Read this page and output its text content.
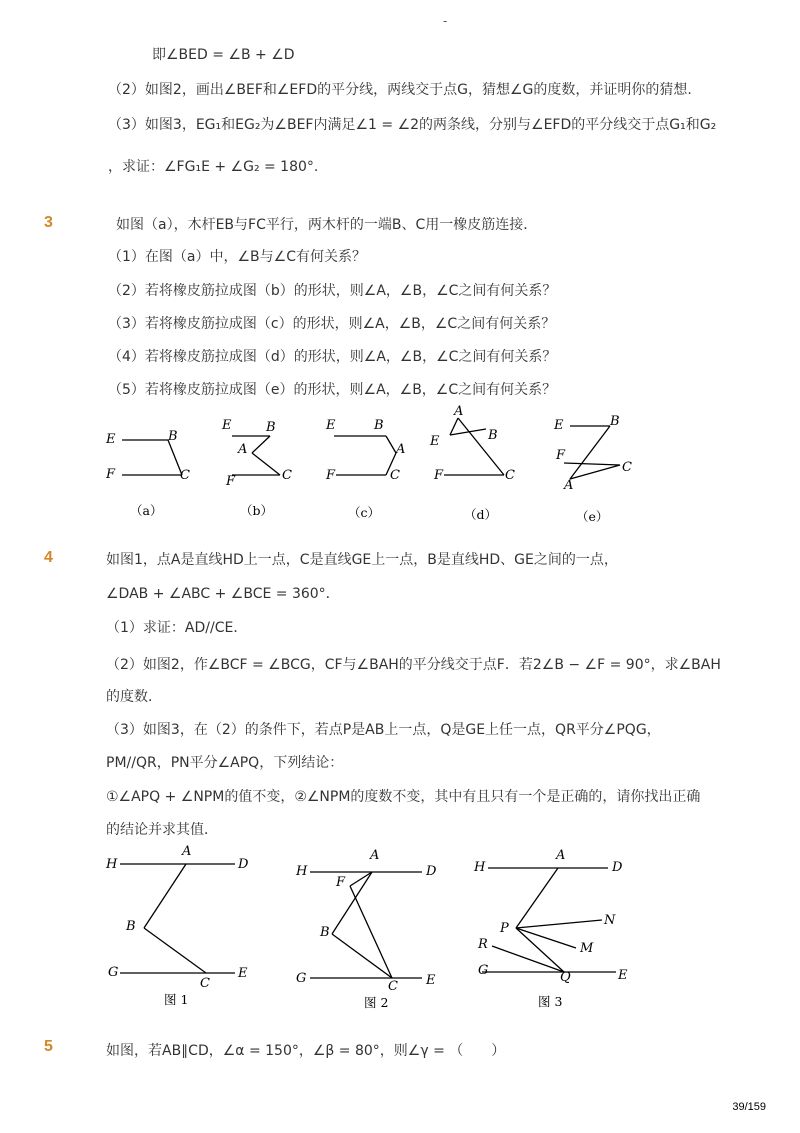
-
即∠BED = ∠B + ∠D
（2）如图2，画出∠BEF和∠EFD的平分线，两线交于点G，猜想∠G的度数，并证明你的猜想.
（3）如图3，EG₁和EG₂为∠BEF内满足∠1 = ∠2的两条线，分别与∠EFD的平分线交于点G₁和G₂
，求证：∠FG₁E + ∠G₂ = 180°.
3	如图（a），木杆EB与FC平行，两木杆的一端B、C用一橡皮筋连接．
（1）在图（a）中，∠B与∠C有何关系？
（2）若将橡皮筋拉成图（b）的形状，则∠A，∠B，∠C之间有何关系？
（3）若将橡皮筋拉成图（c）的形状，则∠A，∠B，∠C之间有何关系？
（4）若将橡皮筋拉成图（d）的形状，则∠A，∠B，∠C之间有何关系？
（5）若将橡皮筋拉成图（e）的形状，则∠A，∠B，∠C之间有何关系？
E	B
F	C
（a）
E	B
A
C
F
（b）
E	B
A
F	C
（c）
A
E	B
F	C
（d）
E	B
F
C
A
（e）
4	如图1，点A是直线HD上一点，C是直线GE上一点，B是直线HD、GE之间的一点，
∠DAB + ∠ABC + ∠BCE = 360°．
（1）求证：AD//CE．
（2）如图2，作∠BCF = ∠BCG，CF与∠BAH的平分线交于点F．若2∠B − ∠F = 90°，求∠BAH
的度数．
（3）如图3，在（2）的条件下，若点P是AB上一点，Q是GE上任一点，QR平分∠PQG，
PM//QR，PN平分∠APQ，下列结论：
①∠APQ + ∠NPM的值不变，②∠NPM的度数不变，其中有且只有一个是正确的，请你找出正确
的结论并求其值．
A
H	D
B
G
C
E
图 1
A
H	D
F
B
G
C E
图 2
A
H	D
N
P
M
R
G	Q	E
图 3
5	如图，若AB∥CD，∠α = 150°，∠β = 80°，则∠γ = （　　）
39/159
